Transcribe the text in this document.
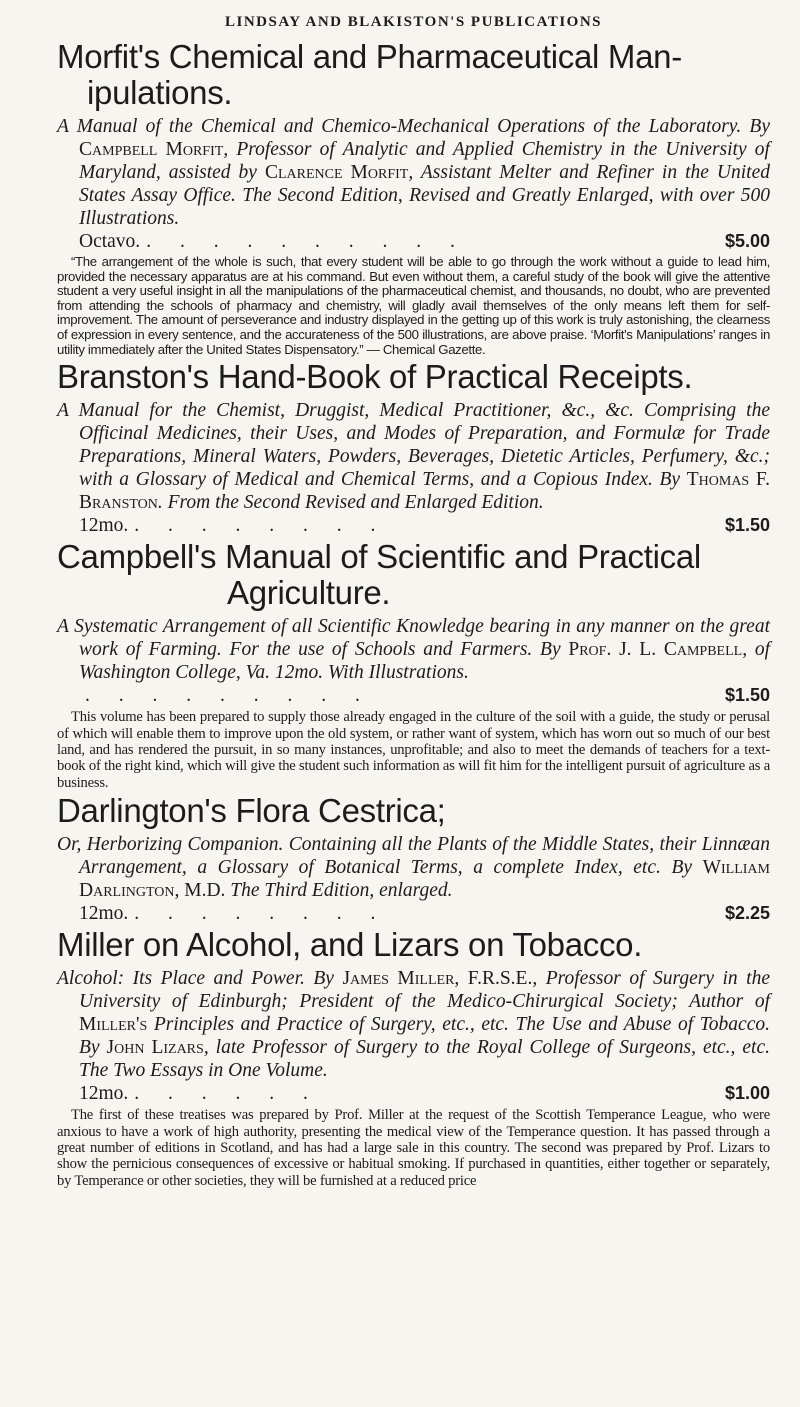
LINDSAY AND BLAKISTON'S PUBLICATIONS
Morfit's Chemical and Pharmaceutical Man-
ipulations.

A Manual of the Chemical and Chemico-Mechanical Operations of the Laboratory. By Campbell Morfit, Professor of Analytic and Applied Chemistry in the University of Maryland, assisted by Clarence Morfit, Assistant Melter and Refiner in the United States Assay Office. The Second Edition, Revised and Greatly Enlarged, with over 500 Illustrations.

Octavo. . . . . . . . . . .	$5.00

“The arrangement of the whole is such, that every student will be able to go through the work without a guide to lead him, provided the necessary apparatus are at his command. But even without them, a careful study of the book will give the attentive student a very useful insight in all the manipulations of the pharmaceutical chemist, and thousands, no doubt, who are prevented from attending the schools of pharmacy and chemistry, will gladly avail themselves of the only means left them for self-improvement. The amount of perseverance and industry displayed in the getting up of this work is truly astonishing, the clearness of expression in every sentence, and the accurateness of the 500 illustrations, are above praise. ‘Morfit's Manipulations’ ranges in utility immediately after the United States Dispensatory.” — Chemical Gazette.

Branston's Hand-Book of Practical Receipts.

A Manual for the Chemist, Druggist, Medical Practitioner, &c., &c. Comprising the Officinal Medicines, their Uses, and Modes of Preparation, and Formulæ for Trade Preparations, Mineral Waters, Powders, Beverages, Dietetic Articles, Perfumery, &c.; with a Glossary of Medical and Chemical Terms, and a Copious Index. By Thomas F. Branston. From the Second Revised and Enlarged Edition.

12mo. . . . . . . . .	$1.50
Campbell's Manual of Scientific and Practical
Agriculture.

A Systematic Arrangement of all Scientific Knowledge bearing in any manner on the great work of Farming. For the use of Schools and Farmers. By Prof. J. L. Campbell, of Washington College, Va. 12mo. With Illustrations.

. . . . . . . . .	$1.50

This volume has been prepared to supply those already engaged in the culture of the soil with a guide, the study or perusal of which will enable them to improve upon the old system, or rather want of system, which has worn out so much of our best land, and has rendered the pursuit, in so many instances, unprofitable; and also to meet the demands of teachers for a text-book of the right kind, which will give the student such information as will fit him for the intelligent pursuit of agriculture as a business.

Darlington's Flora Cestrica;

Or, Herborizing Companion. Containing all the Plants of the Middle States, their Linnæan Arrangement, a Glossary of Botanical Terms, a complete Index, etc. By William Darlington, M.D. The Third Edition, enlarged.

12mo. . . . . . . . .	$2.25
Miller on Alcohol, and Lizars on Tobacco.

Alcohol: Its Place and Power. By James Miller, F.R.S.E., Professor of Surgery in the University of Edinburgh; President of the Medico-Chirurgical Society; Author of Miller's Principles and Practice of Surgery, etc., etc. The Use and Abuse of Tobacco. By John Lizars, late Professor of Surgery to the Royal College of Surgeons, etc., etc. The Two Essays in One Volume.

12mo. . . . . . .	$1.00

The first of these treatises was prepared by Prof. Miller at the request of the Scottish Temperance League, who were anxious to have a work of high authority, presenting the medical view of the Temperance question. It has passed through a great number of editions in Scotland, and has had a large sale in this country. The second was prepared by Prof. Lizars to show the pernicious consequences of excessive or habitual smoking. If purchased in quantities, either together or separately, by Temperance or other societies, they will be furnished at a reduced price
